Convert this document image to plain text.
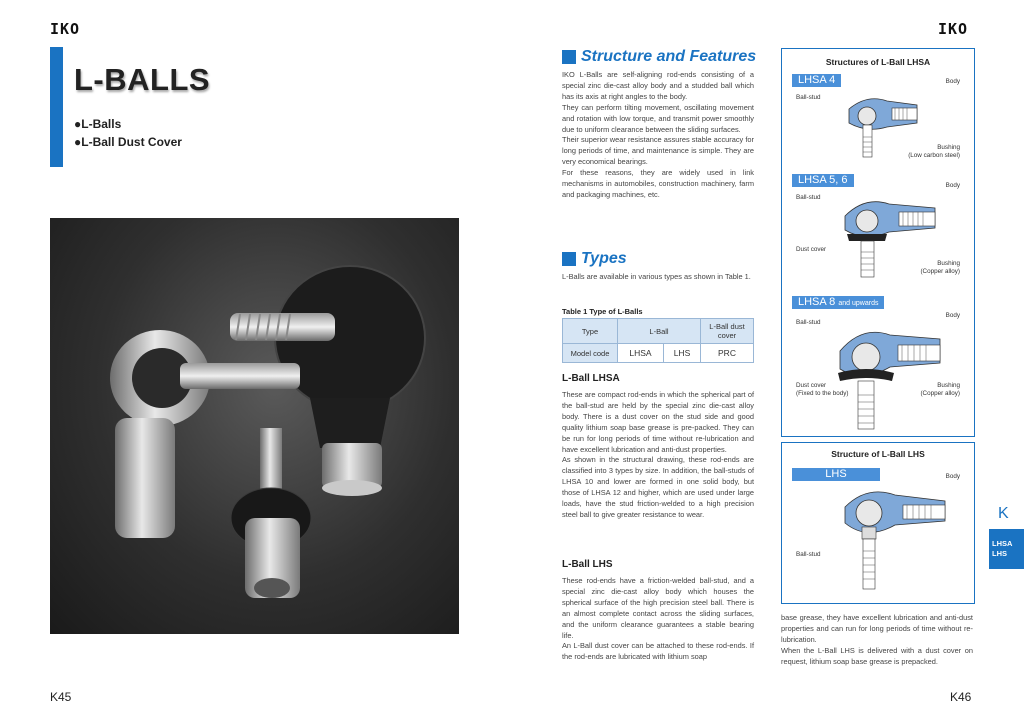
IKO
L-BALLS
●L-Balls
●L-Ball Dust Cover
K45
Structure and Features

IKO L-Balls are self-aligning rod-ends consisting of a special zinc die-cast alloy body and a studded ball which has its axis at right angles to the body.

They can perform tilting movement, oscillating movement and rotation with low torque, and transmit power smoothly due to uniform clearance between the sliding surfaces.

Their superior wear resistance assures stable accuracy for long periods of time, and maintenance is simple. They are very economical bearings.

For these reasons, they are widely used in link mechanisms in automobiles, construction machinery, farm and packaging machines, etc.

Types
L-Balls are available in various types as shown in Table 1.
Table 1 Type of L-Balls
Type	L-Ball		L-Ball dust cover
Model code	LHSA	LHS	PRC
L-Ball LHSA

These are compact rod-ends in which the spherical part of the ball-stud are held by the special zinc die-cast alloy body. There is a dust cover on the stud side and good quality lithium soap base grease is pre-packed. They can be run for long periods of time without re-lubrication and have excellent lubrication and anti-dust properties.

As shown in the structural drawing, these rod-ends are classified into 3 types by size. In addition, the ball-studs of LHSA 10 and lower are formed in one solid body, but those of LHSA 12 and higher, which are used under large loads, have the stud friction-welded to a high precision steel ball to give greater resistance to wear.

L-Ball LHS

These rod-ends have a friction-welded ball-stud, and a special zinc die-cast alloy body which houses the spherical surface of the high precision steel ball. There is an almost complete contact across the sliding surfaces, and the uniform clearance guarantees a stable bearing life.

An L-Ball dust cover can be attached to these rod-ends. If the rod-ends are lubricated with lithium soap

IKO
Structures of L-Ball LHSA
LHSA 4	Body
Ball-stud
Bushing
(Low carbon steel)
LHSA 5, 6	Body
Ball-stud
Dust cover
Bushing
(Copper alloy)
LHSA 8 and upwards
Body
Ball-stud
Dust cover
(Fixed to the body)
Bushing
(Copper alloy)
Structure of L-Ball LHS
LHS	Body
Ball-stud

base grease, they have excellent lubrication and anti-dust properties and can run for long periods of time without re-lubrication.

When the L-Ball LHS is delivered with a dust cover on request, lithium soap base grease is prepacked.

K
LHSA
LHS
K46
